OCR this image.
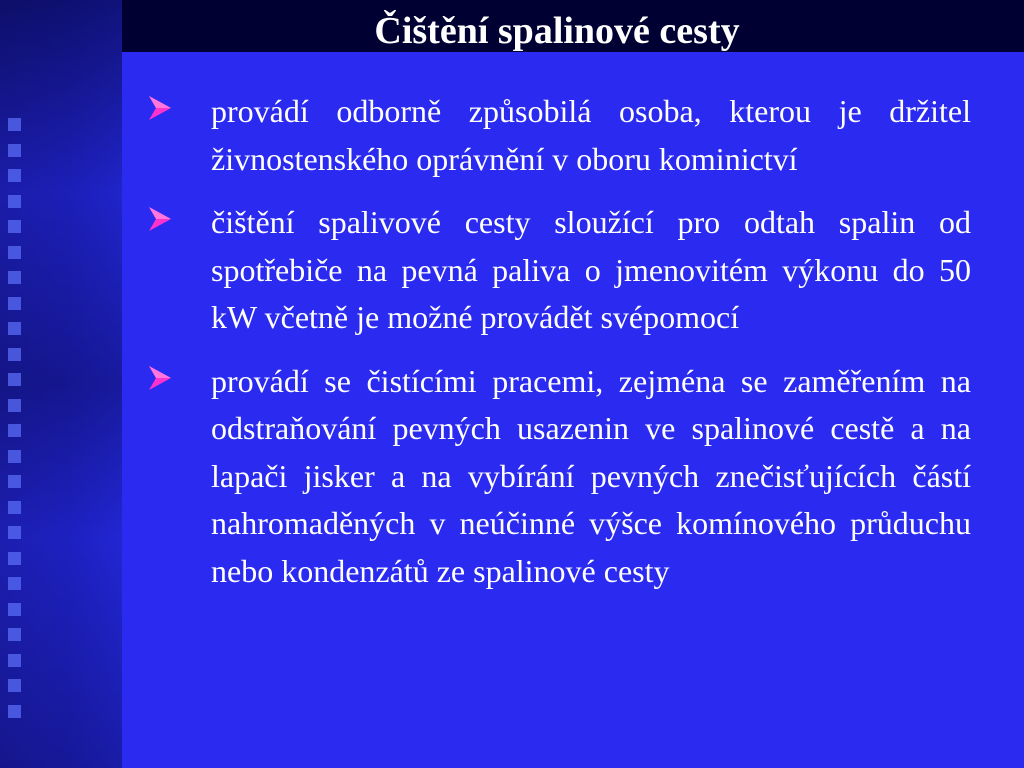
Čištění spalinové cesty
provádí odborně způsobilá osoba, kterou je držitel živnostenského oprávnění v oboru kominictví
čištění spalivové cesty sloužící pro odtah spalin od spotřebiče na pevná paliva o jmenovitém výkonu do 50 kW včetně je možné provádět svépomocí
provádí se čistícími pracemi, zejména se zaměřením na odstraňování pevných usazenin ve spalinové cestě a na lapači jisker a na vybírání pevných znečisťujících částí nahromaděných v neúčinné výšce komínového průduchu nebo kondenzátů ze spalinové cesty
